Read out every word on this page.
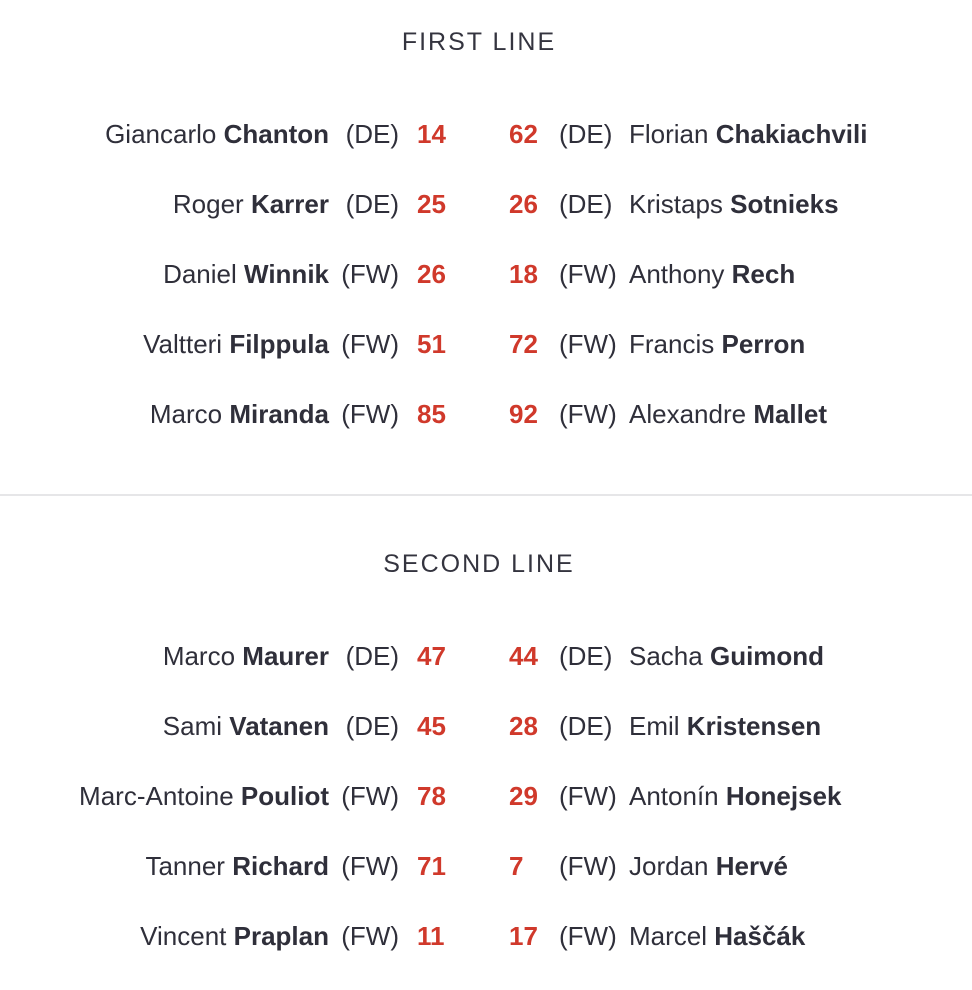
FIRST LINE
Giancarlo Chanton (DE) 14 62 (DE) Florian Chakiachvili
Roger Karrer (DE) 25 26 (DE) Kristaps Sotnieks
Daniel Winnik (FW) 26 18 (FW) Anthony Rech
Valtteri Filppula (FW) 51 72 (FW) Francis Perron
Marco Miranda (FW) 85 92 (FW) Alexandre Mallet
SECOND LINE
Marco Maurer (DE) 47 44 (DE) Sacha Guimond
Sami Vatanen (DE) 45 28 (DE) Emil Kristensen
Marc-Antoine Pouliot (FW) 78 29 (FW) Antonín Honejsek
Tanner Richard (FW) 71 7 (FW) Jordan Hervé
Vincent Praplan (FW) 11 17 (FW) Marcel Haščák
